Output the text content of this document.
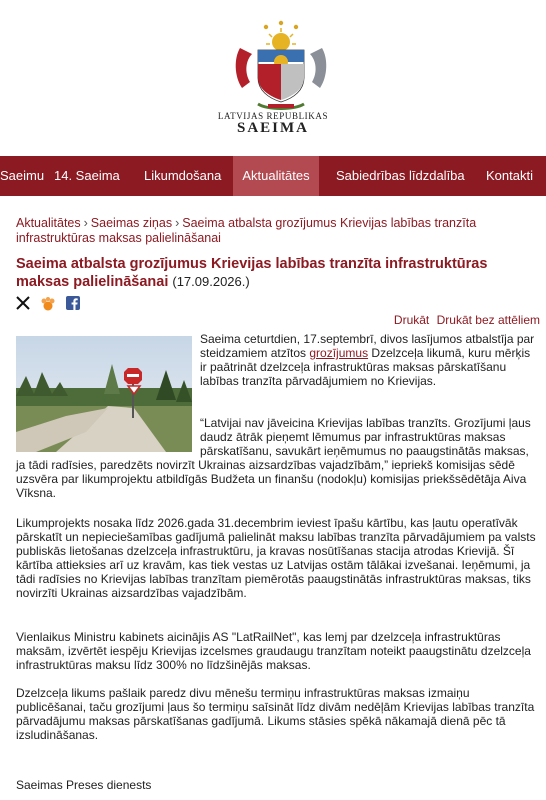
LATVIJAS REPUBLIKAS
SAEIMA
Saeimu 14. Saeima	Likumdošana	Aktualitātes	Sabiedrības līdzdalība	Kontakti
Aktualitātes › Saeimas ziņas › Saeima atbalsta grozījumus Krievijas labības tranzīta infrastruktūras maksas palielināšanai
Saeima atbalsta grozījumus Krievijas labības tranzīta infrastruktūras maksas palielināšanai (17.09.2026.)
Drukāt Drukāt bez attēliem
Saeima ceturtdien, 17.septembrī, divos lasījumos atbalstīja par steidzamiem atzītos grozījumus Dzelzceļa likumā, kuru mērķis ir paātrināt dzelzceļa infrastruktūras maksas pārskatīšanu labības tranzīta pārvadājumiem no Krievijas.
“Latvijai nav jāveicina Krievijas labības tranzīts. Grozījumi ļaus daudz ātrāk pieņemt lēmumus par infrastruktūras maksas pārskatīšanu, savukārt ieņēmumus no paaugstinātās maksas,
ja tādi radīsies, paredzēts novirzīt Ukrainas aizsardzības vajadzībām,” iepriekš komisijas sēdē uzsvēra par likumprojektu atbildīgās Budžeta un finanšu (nodokļu) komisijas priekšsēdētāja Aiva Vīksna.
Likumprojekts nosaka līdz 2026.gada 31.decembrim ieviest īpašu kārtību, kas ļautu operatīvāk pārskatīt un nepieciešamības gadījumā palielināt maksu labības tranzīta pārvadājumiem pa valsts publiskās lietošanas dzelzceļa infrastruktūru, ja kravas nosūtīšanas stacija atrodas Krievijā. Šī kārtība attieksies arī uz kravām, kas tiek vestas uz Latvijas ostām tālākai izvešanai. Ieņēmumi, ja tādi radīsies no Krievijas labības tranzītam piemērotās paaugstinātās infrastruktūras maksas, tiks novirzīti Ukrainas aizsardzības vajadzībām.
Vienlaikus Ministru kabinets aicinājis AS "LatRailNet", kas lemj par dzelzceļa infrastruktūras maksām, izvērtēt iespēju Krievijas izcelsmes graudaugu tranzītam noteikt paaugstinātu dzelzceļa infrastruktūras maksu līdz 300% no līdzšinējās maksas.
Dzelzceļa likums pašlaik paredz divu mēnešu termiņu infrastruktūras maksas izmaiņu publicēšanai, taču grozījumi ļaus šo termiņu saīsināt līdz divām nedēļām Krievijas labības tranzīta pārvadājumu maksas pārskatīšanas gadījumā. Likums stāsies spēkā nākamajā dienā pēc tā izsludināšanas.
Saeimas Preses dienests
